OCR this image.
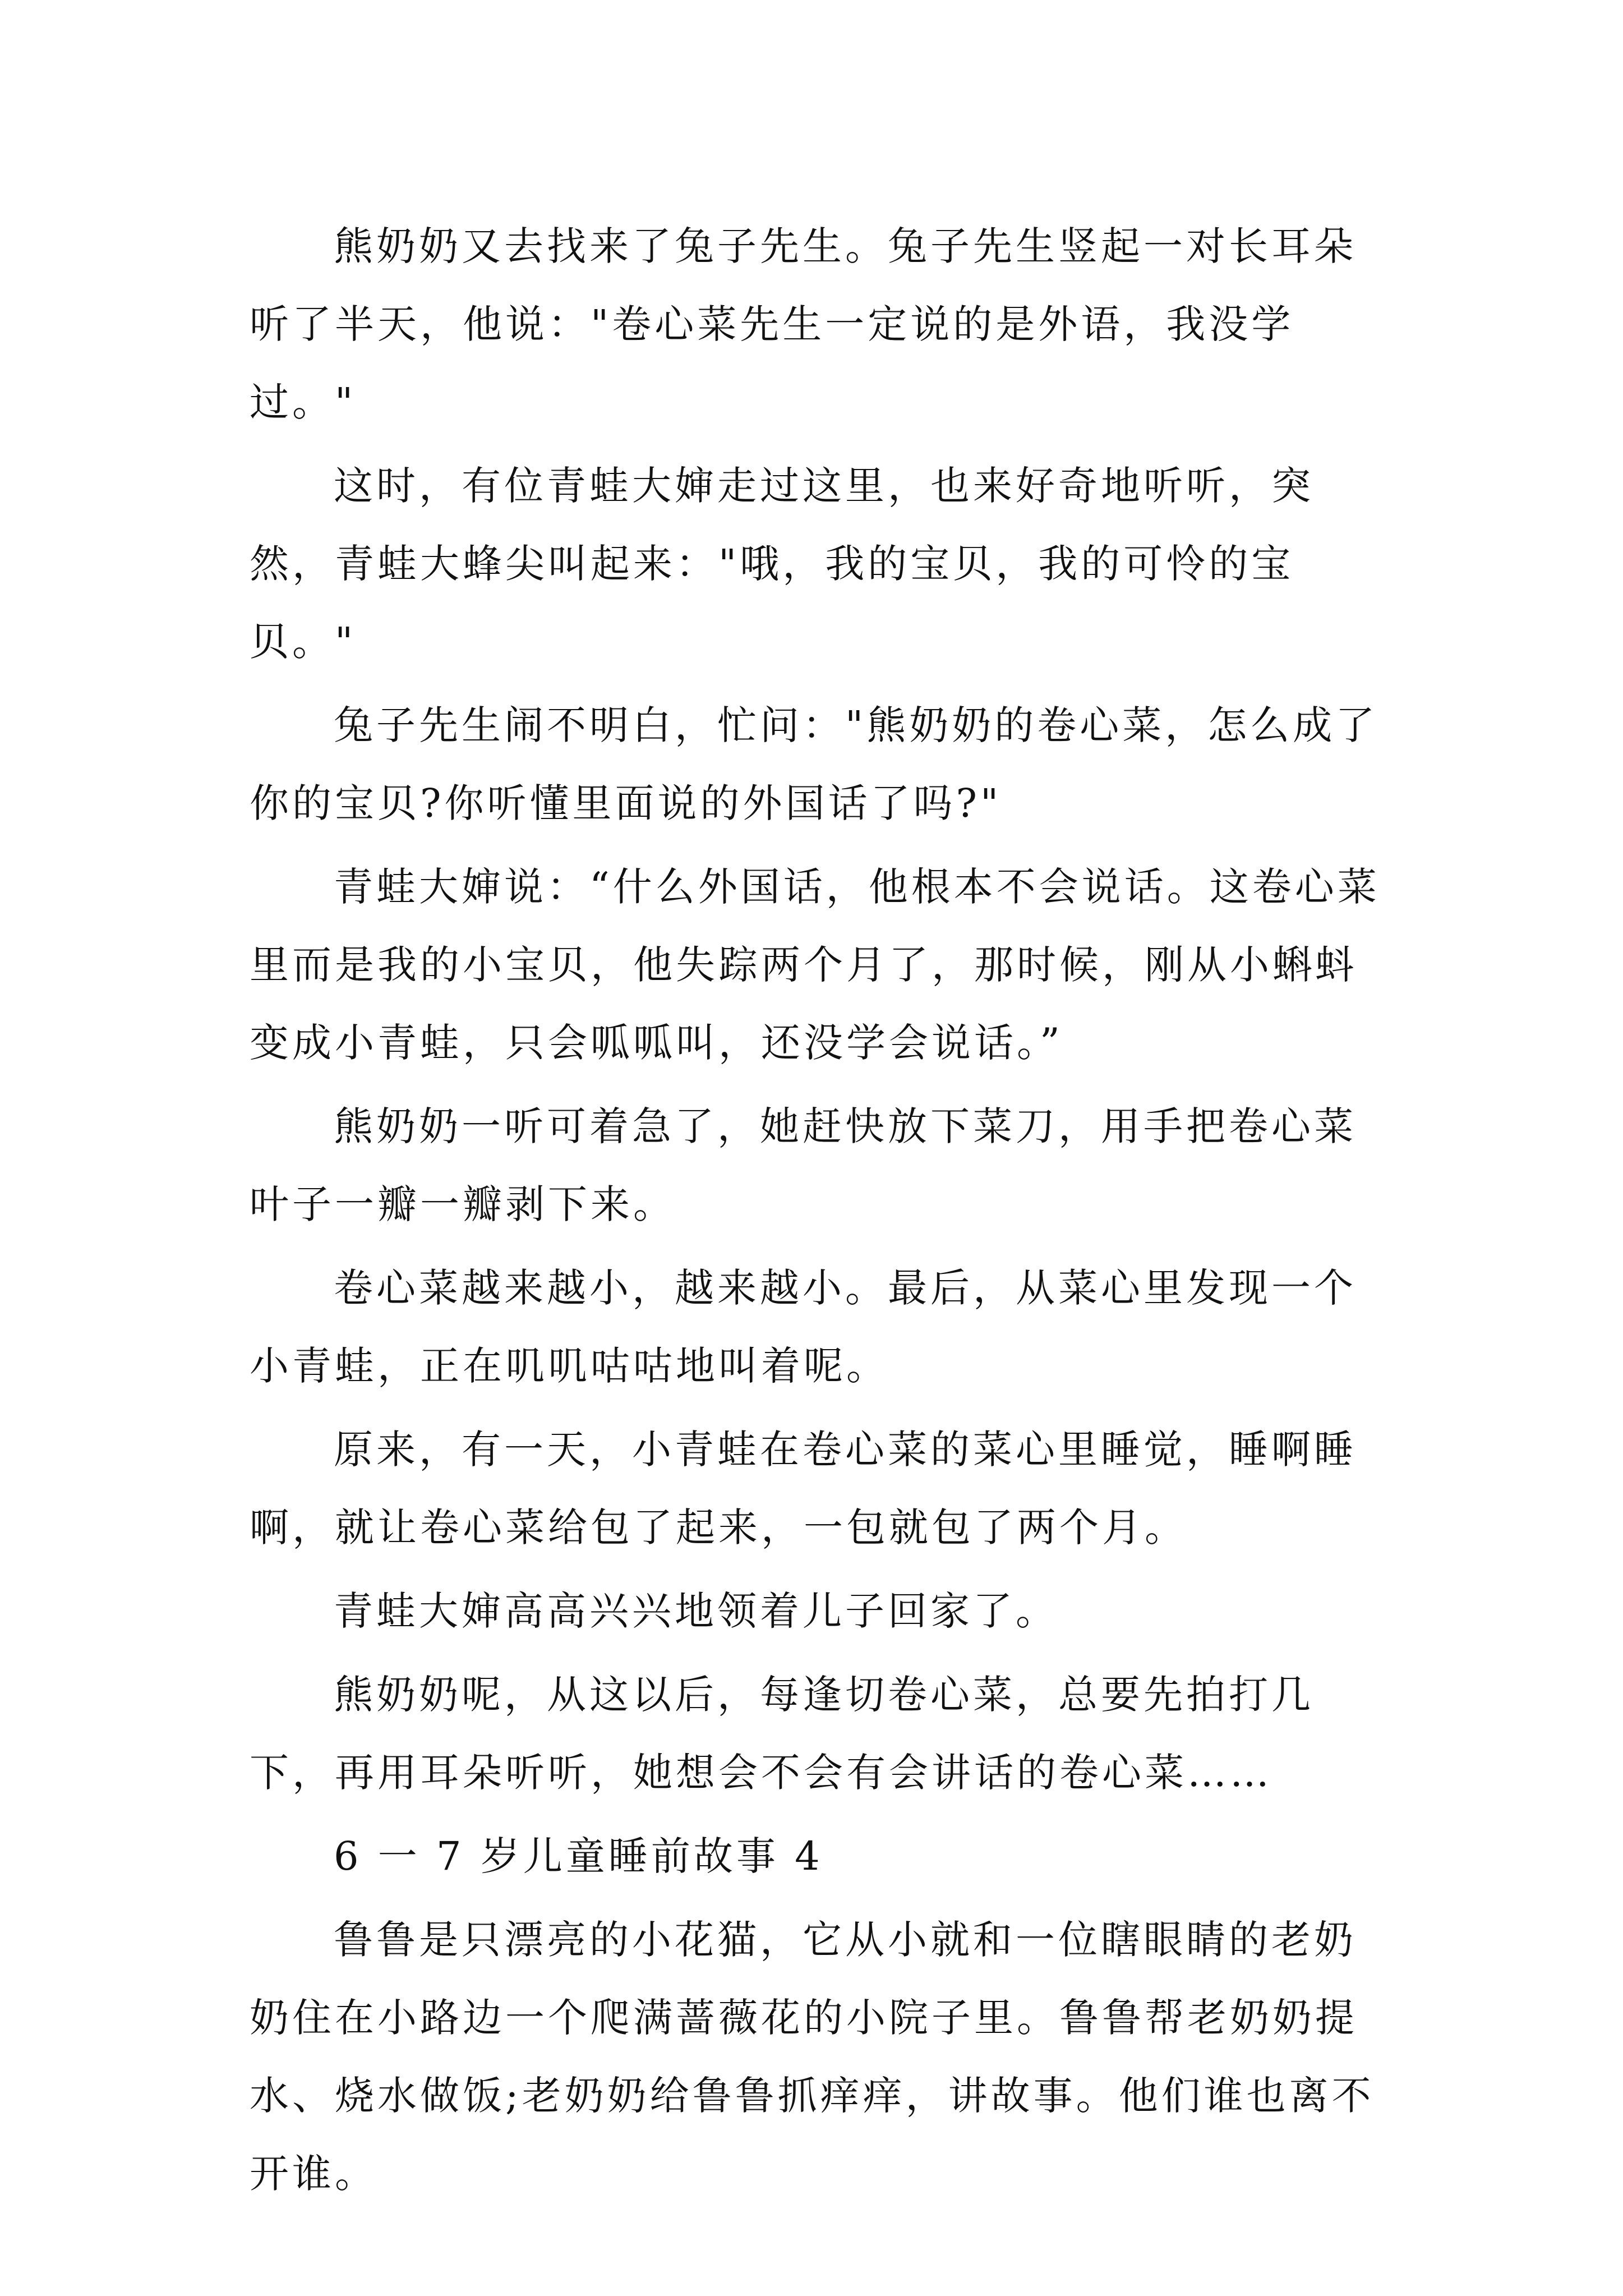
熊奶奶又去找来了兔子先生。兔子先生竖起一对长耳朵听了半天，他说："卷心菜先生一定说的是外语，我没学过。"

这时，有位青蛙大婶走过这里，也来好奇地听听，突然，青蛙大蜂尖叫起来："哦，我的宝贝，我的可怜的宝贝。"

兔子先生闹不明白，忙问："熊奶奶的卷心菜，怎么成了你的宝贝?你听懂里面说的外国话了吗?"

青蛙大婶说：“什么外国话，他根本不会说话。这卷心菜里而是我的小宝贝，他失踪两个月了，那时候，刚从小蝌蚪变成小青蛙，只会呱呱叫，还没学会说话。”

熊奶奶一听可着急了，她赶快放下菜刀，用手把卷心菜叶子一瓣一瓣剥下来。

卷心菜越来越小，越来越小。最后，从菜心里发现一个小青蛙，正在叽叽咕咕地叫着呢。

原来，有一天，小青蛙在卷心菜的菜心里睡觉，睡啊睡啊，就让卷心菜给包了起来，一包就包了两个月。

青蛙大婶高高兴兴地领着儿子回家了。

熊奶奶呢，从这以后，每逢切卷心菜，总要先拍打几下，再用耳朵听听，她想会不会有会讲话的卷心菜……

6 一 7 岁儿童睡前故事 4

鲁鲁是只漂亮的小花猫，它从小就和一位瞎眼睛的老奶奶住在小路边一个爬满蔷薇花的小院子里。鲁鲁帮老奶奶提水、烧水做饭;老奶奶给鲁鲁抓痒痒，讲故事。他们谁也离不开谁。
